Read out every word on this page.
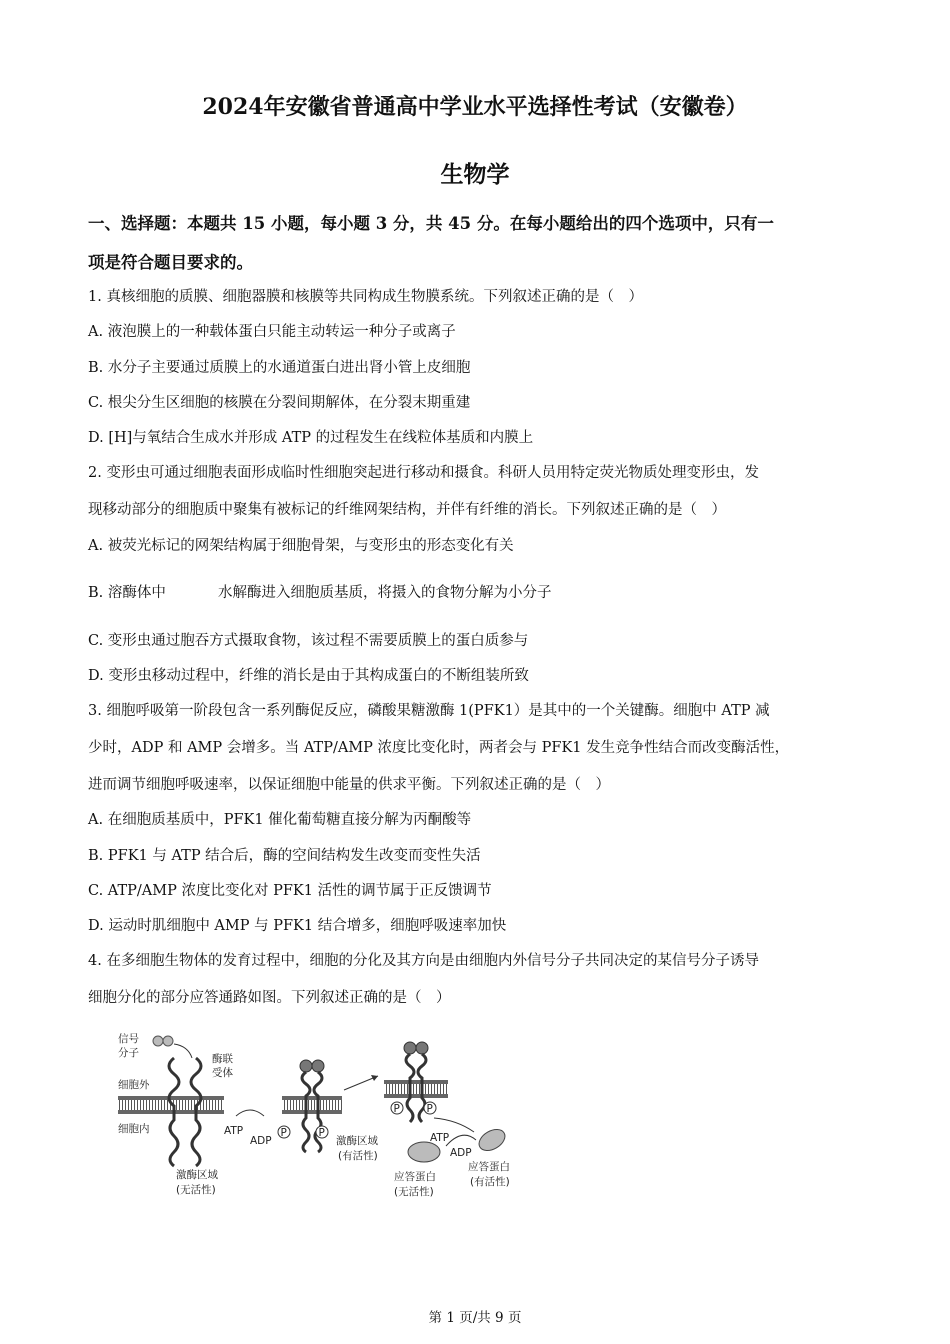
2024年安徽省普通高中学业水平选择性考试（安徽卷）
生物学
一、选择题：本题共 15 小题，每小题 3 分，共 45 分。在每小题给出的四个选项中，只有一
项是符合题目要求的。
1. 真核细胞的质膜、细胞器膜和核膜等共同构成生物膜系统。下列叙述正确的是（　）
A. 液泡膜上的一种载体蛋白只能主动转运一种分子或离子
B. 水分子主要通过质膜上的水通道蛋白进出肾小管上皮细胞
C. 根尖分生区细胞的核膜在分裂间期解体，在分裂末期重建
D. [H]与氧结合生成水并形成 ATP 的过程发生在线粒体基质和内膜上
2. 变形虫可通过细胞表面形成临时性细胞突起进行移动和摄食。科研人员用特定荧光物质处理变形虫，发
现移动部分的细胞质中聚集有被标记的纤维网架结构，并伴有纤维的消长。下列叙述正确的是（　）
A. 被荧光标记的网架结构属于细胞骨架，与变形虫的形态变化有关
B. 溶酶体中	水解酶进入细胞质基质，将摄入的食物分解为小分子
C. 变形虫通过胞吞方式摄取食物，该过程不需要质膜上的蛋白质参与
D. 变形虫移动过程中，纤维的消长是由于其构成蛋白的不断组装所致
3. 细胞呼吸第一阶段包含一系列酶促反应，磷酸果糖激酶 1(PFK1）是其中的一个关键酶。细胞中 ATP 减
少时，ADP 和 AMP 会增多。当 ATP/AMP 浓度比变化时，两者会与 PFK1 发生竞争性结合而改变酶活性，
进而调节细胞呼吸速率，以保证细胞中能量的供求平衡。下列叙述正确的是（　）
A. 在细胞质基质中，PFK1 催化葡萄糖直接分解为丙酮酸等
B. PFK1 与 ATP 结合后，酶的空间结构发生改变而变性失活
C. ATP/AMP 浓度比变化对 PFK1 活性的调节属于正反馈调节
D. 运动时肌细胞中 AMP 与 PFK1 结合增多，细胞呼吸速率加快
4. 在多细胞生物体的发育过程中，细胞的分化及其方向是由细胞内外信号分子共同决定的某信号分子诱导
细胞分化的部分应答通路如图。下列叙述正确的是（　）
P	P
P	P
信号
分子	酶联
受体
细胞外
细胞内	ATP
ADP
激酶区域
(无活性)
激酶区域
(有活性)
ATP
ADP
应答蛋白
(无活性)
应答蛋白
(有活性)
第 1 页/共 9 页
